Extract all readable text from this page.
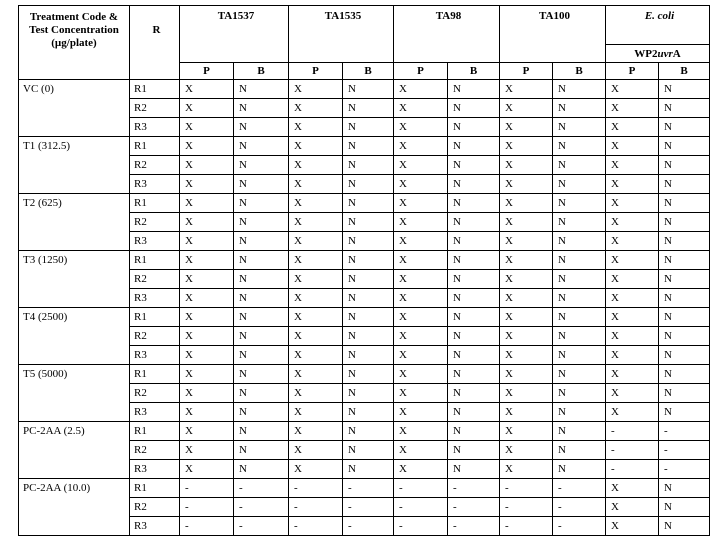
Treatment Code &
Test Concentration
(µg/plate)	R	TA1537		TA1535		TA98		TA100		E. coli	
										WP2uvrA	
		P	B	P	B	P	B	P	B	P	B
VC (0)	R1	X	N	X	N	X	N	X	N	X	N
	R2	X	N	X	N	X	N	X	N	X	N
	R3	X	N	X	N	X	N	X	N	X	N
T1 (312.5)	R1	X	N	X	N	X	N	X	N	X	N
	R2	X	N	X	N	X	N	X	N	X	N
	R3	X	N	X	N	X	N	X	N	X	N
T2 (625)	R1	X	N	X	N	X	N	X	N	X	N
	R2	X	N	X	N	X	N	X	N	X	N
	R3	X	N	X	N	X	N	X	N	X	N
T3 (1250)	R1	X	N	X	N	X	N	X	N	X	N
	R2	X	N	X	N	X	N	X	N	X	N
	R3	X	N	X	N	X	N	X	N	X	N
T4 (2500)	R1	X	N	X	N	X	N	X	N	X	N
	R2	X	N	X	N	X	N	X	N	X	N
	R3	X	N	X	N	X	N	X	N	X	N
T5 (5000)	R1	X	N	X	N	X	N	X	N	X	N
	R2	X	N	X	N	X	N	X	N	X	N
	R3	X	N	X	N	X	N	X	N	X	N
PC-2AA (2.5)	R1	X	N	X	N	X	N	X	N	-	-
	R2	X	N	X	N	X	N	X	N	-	-
	R3	X	N	X	N	X	N	X	N	-	-
PC-2AA (10.0)	R1	-	-	-	-	-	-	-	-	X	N
	R2	-	-	-	-	-	-	-	-	X	N
	R3	-	-	-	-	-	-	-	-	X	N
